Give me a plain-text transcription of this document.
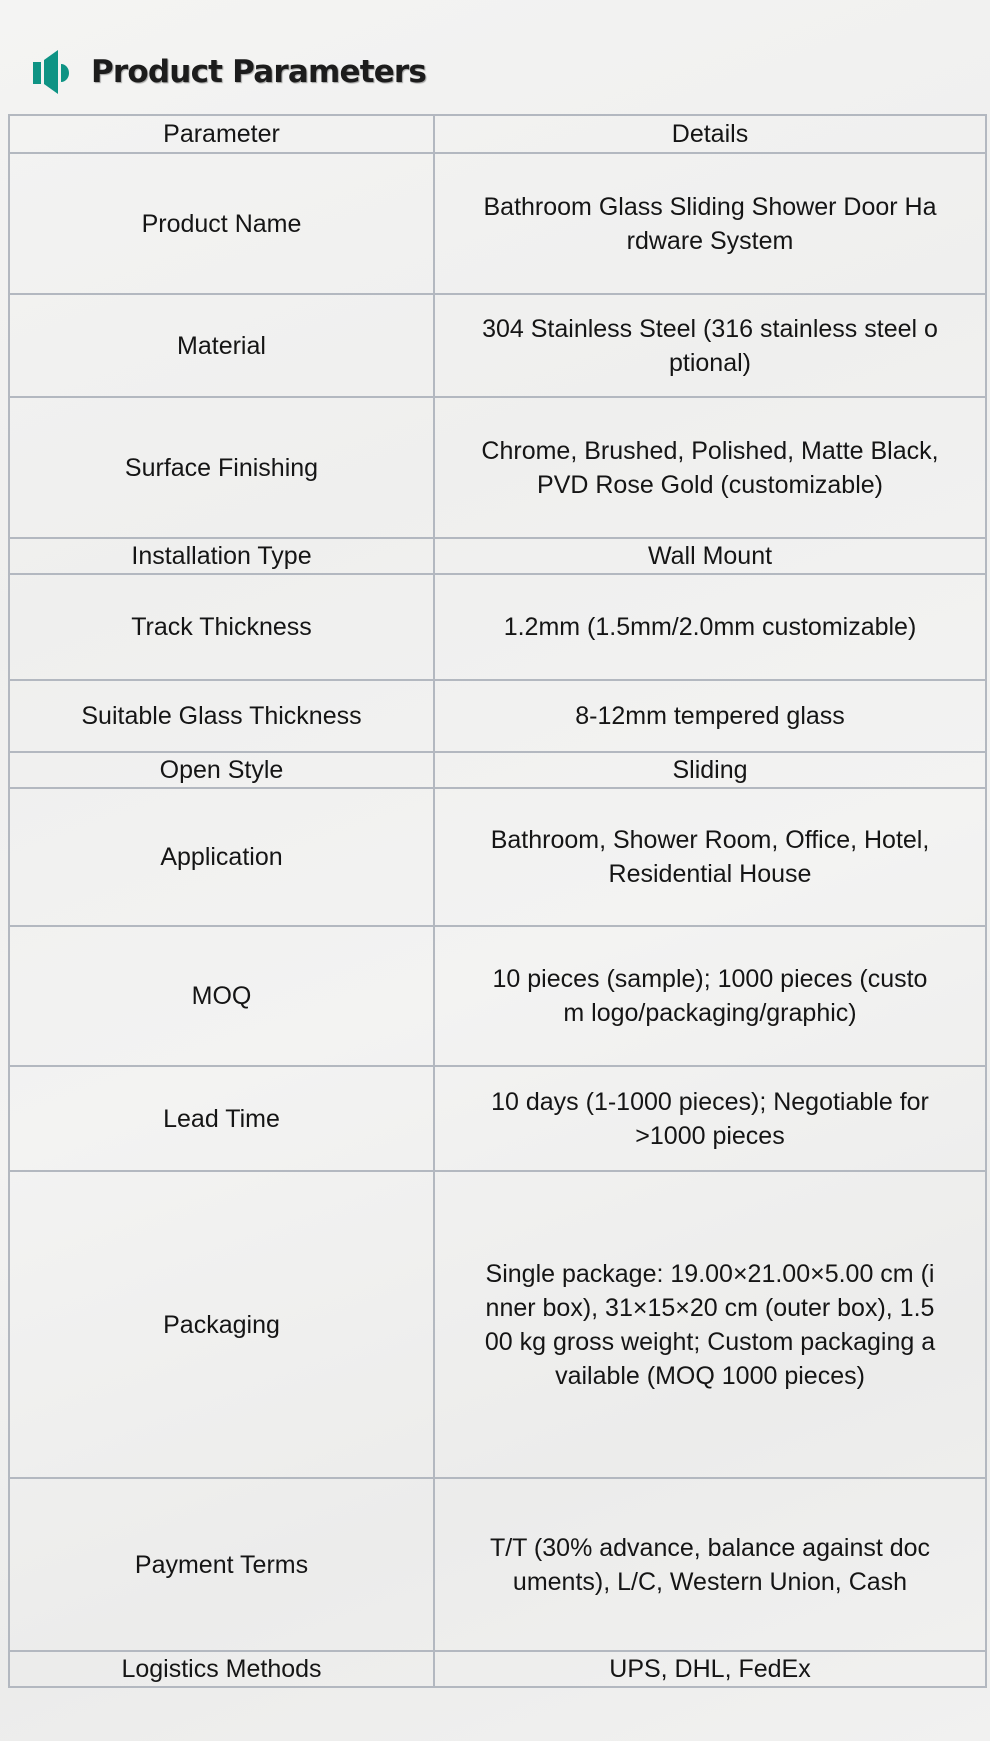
Product Parameters
Parameter	Details
Product Name	Bathroom Glass Sliding Shower Door Ha
rdware System

Material	304 Stainless Steel (316 stainless steel o
ptional)

Surface Finishing	Chrome, Brushed, Polished, Matte Black,
PVD Rose Gold (customizable)

Installation Type	Wall Mount

Track Thickness	1.2mm (1.5mm/2.0mm customizable)

Suitable Glass Thickness	8-12mm tempered glass

Open Style	Sliding

Application	Bathroom, Shower Room, Office, Hotel,
Residential House

MOQ	10 pieces (sample); 1000 pieces (custo
m logo/packaging/graphic)

Lead Time	10 days (1-1000 pieces); Negotiable for
>1000 pieces

Packaging	Single package: 19.00×21.00×5.00 cm (i
nner box), 31×15×20 cm (outer box), 1.5
00 kg gross weight; Custom packaging a
vailable (MOQ 1000 pieces)

Payment Terms	T/T (30% advance, balance against doc
uments), L/C, Western Union, Cash

Logistics Methods	UPS, DHL, FedEx
